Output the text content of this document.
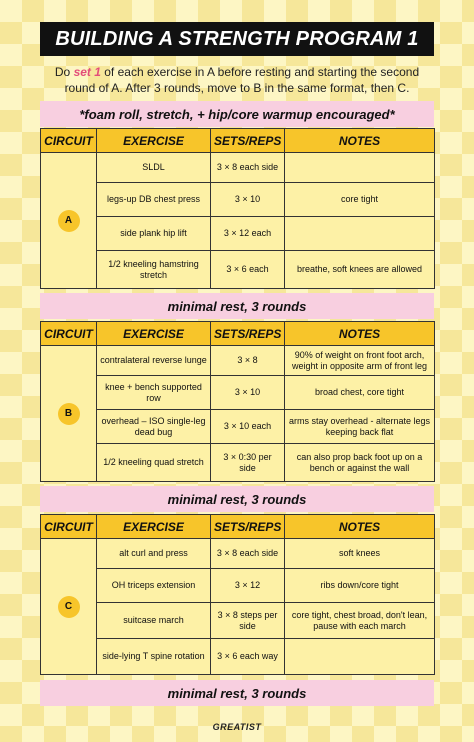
BUILDING A STRENGTH PROGRAM 1
Do set 1 of each exercise in A before resting and starting the second round of A. After 3 rounds, move to B in the same format, then C.
*foam roll, stretch, + hip/core warmup encouraged*
CIRCUIT	EXERCISE	SETS/REPS	NOTES
A	SLDL	3 × 8 each side	
	legs-up DB chest press	3 × 10	core tight
	side plank hip lift	3 × 12 each	
	1/2 kneeling hamstring stretch	3 × 6 each	breathe, soft knees are allowed
minimal rest, 3 rounds
CIRCUIT	EXERCISE	SETS/REPS	NOTES
B	contralateral reverse lunge	3 × 8	90% of weight on front foot arch, weight in opposite arm of front leg
	knee + bench supported row	3 × 10	broad chest, core tight
	overhead – ISO single-leg dead bug	3 × 10 each	arms stay overhead - alternate legs keeping back flat
	1/2 kneeling quad stretch	3 × 0:30 per side	can also prop back foot up on a bench or against the wall
minimal rest, 3 rounds
CIRCUIT	EXERCISE	SETS/REPS	NOTES
C	alt curl and press	3 × 8 each side	soft knees
	OH triceps extension	3 × 12	ribs down/core tight
	suitcase march	3 × 8 steps per side	core tight, chest broad, don't lean, pause with each march
	side-lying T spine rotation	3 × 6 each way	
minimal rest, 3 rounds
GREATIST
